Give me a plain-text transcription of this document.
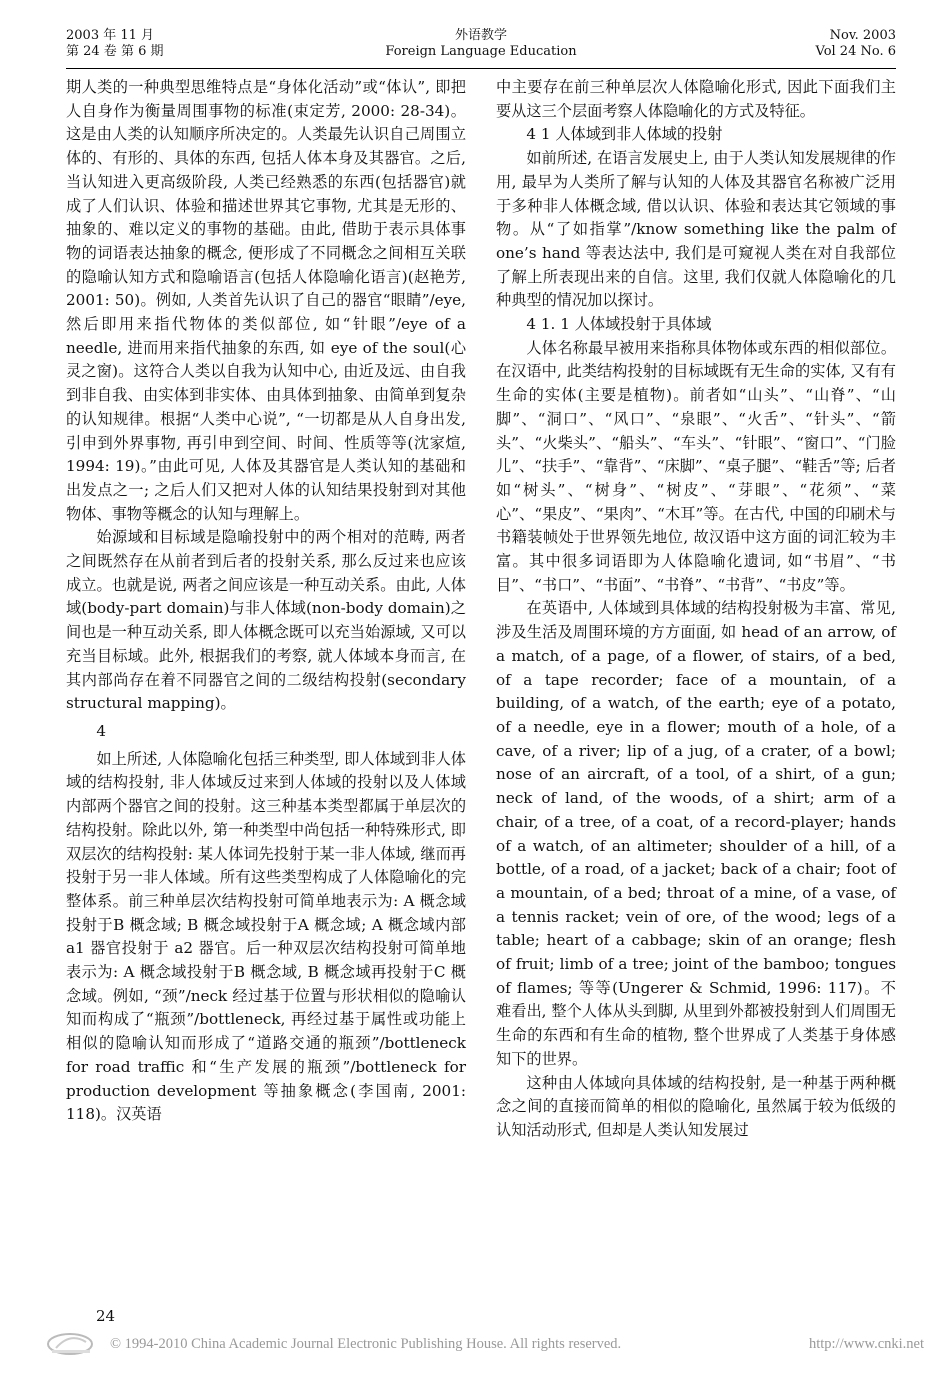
2003 年 11 月
第 24 卷 第 6 期
外语教学
Foreign Language Education
Nov. 2003
Vol 24 No. 6

期人类的一种典型思维特点是“身体化活动”或“体认”, 即把人自身作为衡量周围事物的标准(束定芳, 2000: 28-34)。这是由人类的认知顺序所决定的。人类最先认识自己周围立体的、有形的、具体的东西, 包括人体本身及其器官。之后, 当认知进入更高级阶段, 人类已经熟悉的东西(包括器官)就成了人们认识、体验和描述世界其它事物, 尤其是无形的、抽象的、难以定义的事物的基础。由此, 借助于表示具体事物的词语表达抽象的概念, 便形成了不同概念之间相互关联的隐喻认知方式和隐喻语言(包括人体隐喻化语言)(赵艳芳, 2001: 50)。例如, 人类首先认识了自己的器官“眼睛”/eye, 然后即用来指代物体的类似部位, 如“针眼”/eye of a needle, 进而用来指代抽象的东西, 如 eye of the soul(心灵之窗)。这符合人类以自我为认知中心, 由近及远、由自我到非自我、由实体到非实体、由具体到抽象、由简单到复杂的认知规律。根据“人类中心说”, “一切都是从人自身出发, 引申到外界事物, 再引申到空间、时间、性质等等(沈家煊, 1994: 19)。”由此可见, 人体及其器官是人类认知的基础和出发点之一; 之后人们又把对人体的认知结果投射到对其他物体、事物等概念的认知与理解上。

始源域和目标域是隐喻投射中的两个相对的范畴, 两者之间既然存在从前者到后者的投射关系, 那么反过来也应该成立。也就是说, 两者之间应该是一种互动关系。由此, 人体域(body-part domain)与非人体域(non-body domain)之间也是一种互动关系, 即人体概念既可以充当始源域, 又可以充当目标域。此外, 根据我们的考察, 就人体域本身而言, 在其内部尚存在着不同器官之间的二级结构投射(secondary structural mapping)。

4

如上所述, 人体隐喻化包括三种类型, 即人体域到非人体域的结构投射, 非人体域反过来到人体域的投射以及人体域内部两个器官之间的投射。这三种基本类型都属于单层次的结构投射。除此以外, 第一种类型中尚包括一种特殊形式, 即双层次的结构投射: 某人体词先投射于某一非人体域, 继而再投射于另一非人体域。所有这些类型构成了人体隐喻化的完整体系。前三种单层次结构投射可简单地表示为: A 概念域投射于B 概念域; B 概念域投射于A 概念域; A 概念域内部 a1 器官投射于 a2 器官。后一种双层次结构投射可简单地表示为: A 概念域投射于B 概念域, B 概念域再投射于C 概念域。例如, “颈”/neck 经过基于位置与形状相似的隐喻认知而构成了“瓶颈”/bottleneck, 再经过基于属性或功能上相似的隐喻认知而形成了“道路交通的瓶颈”/bottleneck for road traffic 和“生产发展的瓶颈”/bottleneck for production development 等抽象概念(李国南, 2001: 118)。汉英语

中主要存在前三种单层次人体隐喻化形式, 因此下面我们主要从这三个层面考察人体隐喻化的方式及特征。

4 1 人体域到非人体域的投射

如前所述, 在语言发展史上, 由于人类认知发展规律的作用, 最早为人类所了解与认知的人体及其器官名称被广泛用于多种非人体概念域, 借以认识、体验和表达其它领域的事物。从“了如指掌”/know something like the palm of one’s hand 等表达法中, 我们是可窥视人类在对自我部位了解上所表现出来的自信。这里, 我们仅就人体隐喻化的几种典型的情况加以探讨。

4 1. 1 人体域投射于具体域

人体名称最早被用来指称具体物体或东西的相似部位。在汉语中, 此类结构投射的目标域既有无生命的实体, 又有有生命的实体(主要是植物)。前者如“山头”、“山脊”、“山脚”、“洞口”、“风口”、“泉眼”、“火舌”、“针头”、“箭头”、“火柴头”、“船头”、“车头”、“针眼”、“窗口”、“门脸儿”、“扶手”、“靠背”、“床脚”、“桌子腿”、“鞋舌”等; 后者如“树头”、“树身”、“树皮”、“芽眼”、“花须”、“菜心”、“果皮”、“果肉”、“木耳”等。在古代, 中国的印刷术与书籍装帧处于世界领先地位, 故汉语中这方面的词汇较为丰富。其中很多词语即为人体隐喻化遗词, 如“书眉”、“书目”、“书口”、“书面”、“书脊”、“书背”、“书皮”等。

在英语中, 人体域到具体域的结构投射极为丰富、常见, 涉及生活及周围环境的方方面面, 如 head of an arrow, of a match, of a page, of a flower, of stairs, of a bed, of a tape recorder; face of a mountain, of a building, of a watch, of the earth; eye of a potato, of a needle, eye in a flower; mouth of a hole, of a cave, of a river; lip of a jug, of a crater, of a bowl; nose of an aircraft, of a tool, of a shirt, of a gun; neck of land, of the woods, of a shirt; arm of a chair, of a tree, of a coat, of a record-player; hands of a watch, of an altimeter; shoulder of a hill, of a bottle, of a road, of a jacket; back of a chair; foot of a mountain, of a bed; throat of a mine, of a vase, of a tennis racket; vein of ore, of the wood; legs of a table; heart of a cabbage; skin of an orange; flesh of fruit; limb of a tree; joint of the bamboo; tongues of flames; 等等(Ungerer & Schmid, 1996: 117)。不难看出, 整个人体从头到脚, 从里到外都被投射到人们周围无生命的东西和有生命的植物, 整个世界成了人类基于身体感知下的世界。

这种由人体域向具体域的结构投射, 是一种基于两种概念之间的直接而简单的相似的隐喻化, 虽然属于较为低级的认知活动形式, 但却是人类认知发展过

24
© 1994-2010 China Academic Journal Electronic Publishing House. All rights reserved.	http://www.cnki.net
